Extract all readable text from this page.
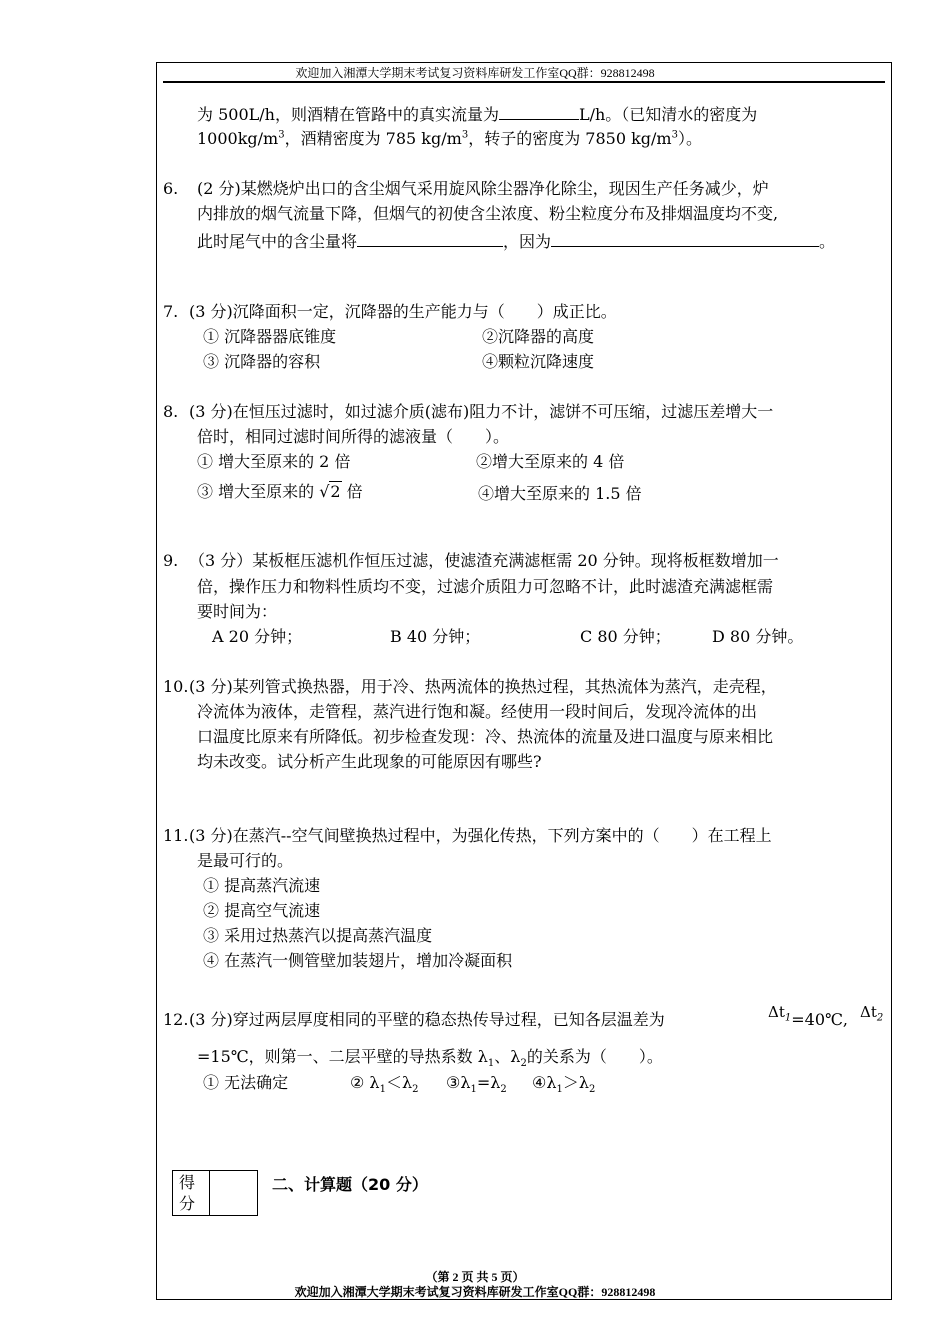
欢迎加入湘潭大学期末考试复习资料库研发工作室QQ群：928812498
为 500L/h，则酒精在管路中的真实流量为	L/h。（已知清水的密度为
$1000kg/m^3$，酒精密度为 785 $kg/m^3$，转子的密度为 7850 $kg/m^3$）。
6. (2 分)某燃烧炉出口的含尘烟气采用旋风除尘器净化除尘，现因生产任务减少，炉
内排放的烟气流量下降，但烟气的初使含尘浓度、粉尘粒度分布及排烟温度均不变,
此时尾气中的含尘量将	，因为	。
7. (3 分)沉降面积一定，沉降器的生产能力与（　　）成正比。
① 沉降器器底锥度	②沉降器的高度
③ 沉降器的容积	④颗粒沉降速度
8. (3 分)在恒压过滤时，如过滤介质(滤布)阻力不计，滤饼不可压缩，过滤压差增大一
倍时，相同过滤时间所得的滤液量（　　）。
① 增大至原来的 2 倍	②增大至原来的 4 倍
③ 增大至原来的 √2 倍	④增大至原来的 1.5 倍
9. （3 分）某板框压滤机作恒压过滤，使滤渣充满滤框需 20 分钟。现将板框数增加一
倍，操作压力和物料性质均不变，过滤介质阻力可忽略不计，此时滤渣充满滤框需
要时间为：
A 20 分钟；	B 40 分钟；	C 80 分钟；	D 80 分钟。
10. (3 分)某列管式换热器，用于冷、热两流体的换热过程，其热流体为蒸汽，走壳程，
冷流体为液体，走管程，蒸汽进行饱和凝。经使用一段时间后，发现冷流体的出
口温度比原来有所降低。初步检查发现：冷、热流体的流量及进口温度与原来相比
均未改变。试分析产生此现象的可能原因有哪些?
11. (3 分)在蒸汽--空气间壁换热过程中，为强化传热，下列方案中的（　　）在工程上
是最可行的。
① 提高蒸汽流速
② 提高空气流速
③ 采用过热蒸汽以提高蒸汽温度
④ 在蒸汽一侧管壁加装翅片，增加冷凝面积
12. (3 分)穿过两层厚度相同的平壁的稳态热传导过程，已知各层温差为	$\Delta t_1=40℃$, $\Delta t_2$
=15℃，则第一、二层平壁的导热系数 $\lambda_1$、$\lambda_2$的关系为（　　）。
① 无法确定	② $\lambda_1<\lambda_2$ $③\lambda_1=\lambda_2$ $④\lambda_1>\lambda_2$
得
分
二、计算题（20 分）
（第 2 页 共 5 页）
欢迎加入湘潭大学期末考试复习资料库研发工作室QQ群：928812498
